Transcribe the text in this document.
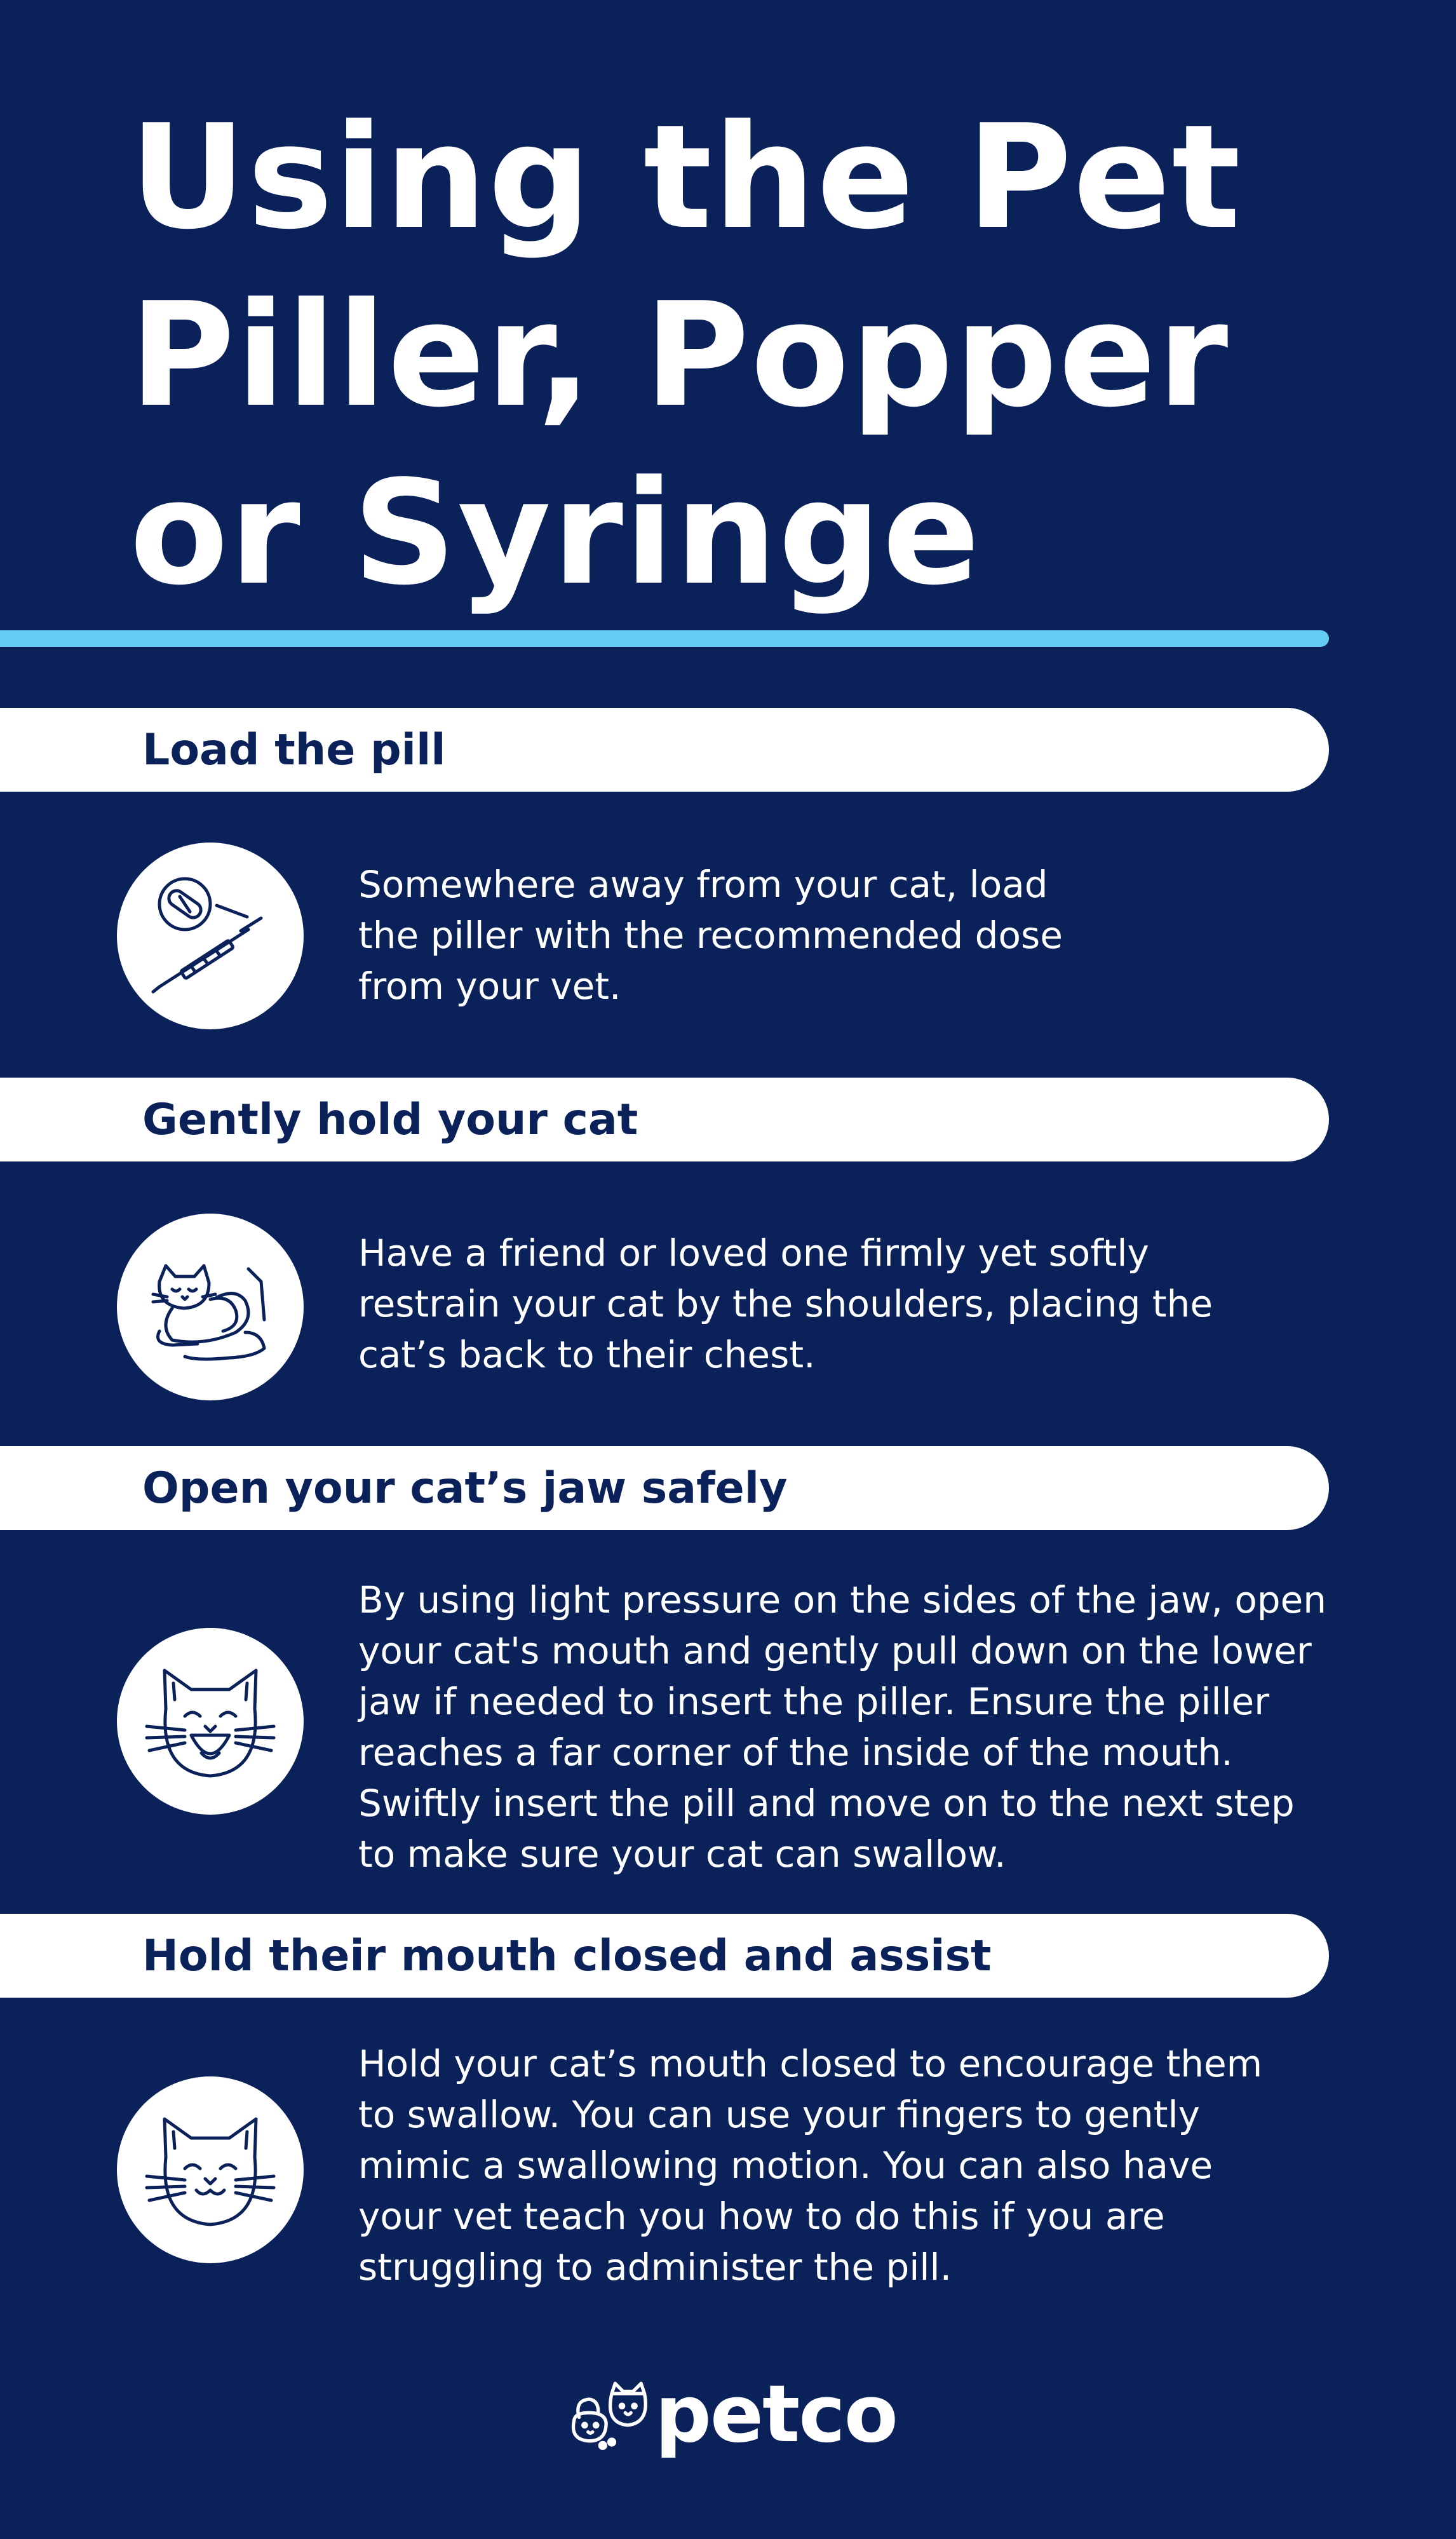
Using the Pet
Piller, Popper
or Syringe
Load the pill
Somewhere away from your cat, load
the piller with the recommended dose
from your vet.
Gently hold your cat
Have a friend or loved one firmly yet softly
restrain your cat by the shoulders, placing the
cat’s back to their chest.
Open your cat’s jaw safely
By using light pressure on the sides of the jaw, open
your cat's mouth and gently pull down on the lower
jaw if needed to insert the piller. Ensure the piller
reaches a far corner of the inside of the mouth.
Swiftly insert the pill and move on to the next step
to make sure your cat can swallow.
Hold their mouth closed and assist
Hold your cat’s mouth closed to encourage them
to swallow. You can use your fingers to gently
mimic a swallowing motion. You can also have
your vet teach you how to do this if you are
struggling to administer the pill.
petco
